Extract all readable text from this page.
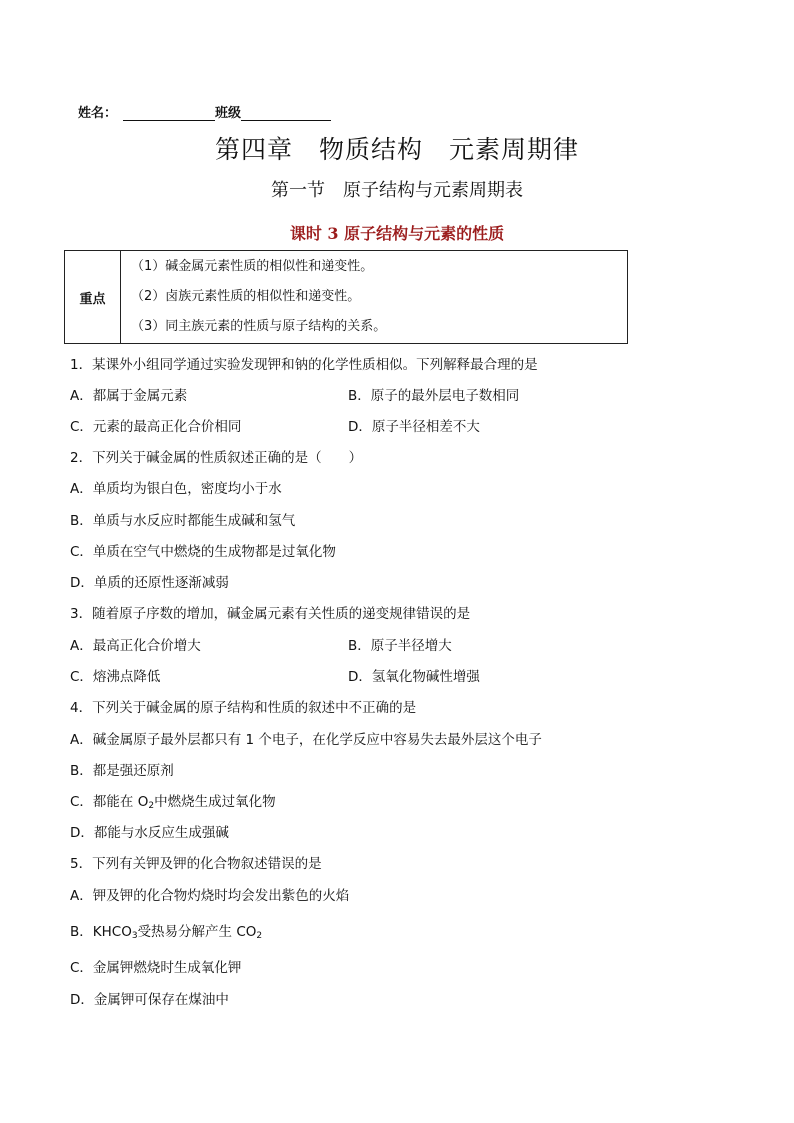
姓名：	班级
第四章　物质结构　元素周期律
第一节　原子结构与元素周期表
课时 3 原子结构与元素的性质
重点
（1）碱金属元素性质的相似性和递变性。
（2）卤族元素性质的相似性和递变性。
（3）同主族元素的性质与原子结构的关系。
1．某课外小组同学通过实验发现钾和钠的化学性质相似。下列解释最合理的是
A．都属于金属元素	B．原子的最外层电子数相同
C．元素的最高正化合价相同	D．原子半径相差不大
2．下列关于碱金属的性质叙述正确的是（　　）
A．单质均为银白色，密度均小于水
B．单质与水反应时都能生成碱和氢气
C．单质在空气中燃烧的生成物都是过氧化物
D．单质的还原性逐渐减弱
3．随着原子序数的增加，碱金属元素有关性质的递变规律错误的是
A．最高正化合价增大	B．原子半径增大
C．熔沸点降低	D．氢氧化物碱性增强
4．下列关于碱金属的原子结构和性质的叙述中不正确的是
A．碱金属原子最外层都只有 1 个电子，在化学反应中容易失去最外层这个电子
B．都是强还原剂
C．都能在 $O_2$中燃烧生成过氧化物
D．都能与水反应生成强碱
5．下列有关钾及钾的化合物叙述错误的是
A．钾及钾的化合物灼烧时均会发出紫色的火焰
B．$KHCO_3$受热易分解产生 $CO_2$
C．金属钾燃烧时生成氧化钾
D．金属钾可保存在煤油中
